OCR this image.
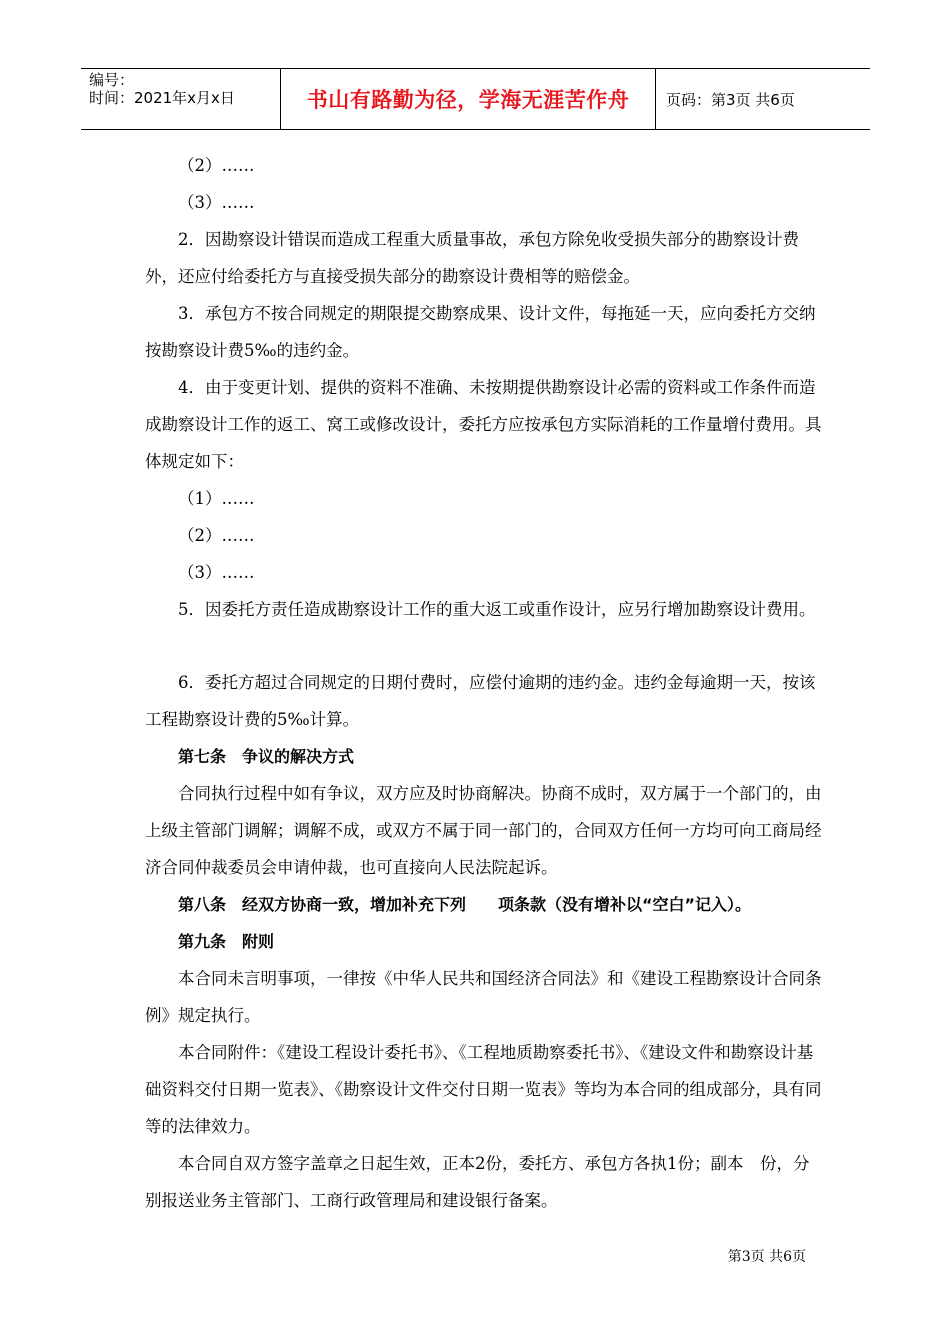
编号：
时间：2021年x月x日	书山有路勤为径，学海无涯苦作舟	页码：第3页 共6页

（2）……

（3）……

2．因勘察设计错误而造成工程重大质量事故，承包方除免收受损失部分的勘察设计费外，还应付给委托方与直接受损失部分的勘察设计费相等的赔偿金。

3．承包方不按合同规定的期限提交勘察成果、设计文件，每拖延一天，应向委托方交纳按勘察设计费5‰的违约金。

4．由于变更计划、提供的资料不准确、未按期提供勘察设计必需的资料或工作条件而造成勘察设计工作的返工、窝工或修改设计，委托方应按承包方实际消耗的工作量增付费用。具体规定如下：

（1）……

（2）……

（3）……

5．因委托方责任造成勘察设计工作的重大返工或重作设计，应另行增加勘察设计费用。

6．委托方超过合同规定的日期付费时，应偿付逾期的违约金。违约金每逾期一天，按该工程勘察设计费的5‰计算。

第七条　争议的解决方式

合同执行过程中如有争议，双方应及时协商解决。协商不成时，双方属于一个部门的，由上级主管部门调解；调解不成，或双方不属于同一部门的，合同双方任何一方均可向工商局经济合同仲裁委员会申请仲裁，也可直接向人民法院起诉。

第八条　经双方协商一致，增加补充下列　　项条款（没有增补以“空白”记入）。

第九条　附则

本合同未言明事项，一律按《中华人民共和国经济合同法》和《建设工程勘察设计合同条例》规定执行。

本合同附件：《建设工程设计委托书》、《工程地质勘察委托书》、《建设文件和勘察设计基础资料交付日期一览表》、《勘察设计文件交付日期一览表》等均为本合同的组成部分，具有同等的法律效力。

本合同自双方签字盖章之日起生效，正本2份，委托方、承包方各执1份；副本　份，分别报送业务主管部门、工商行政管理局和建设银行备案。

第3页 共6页
